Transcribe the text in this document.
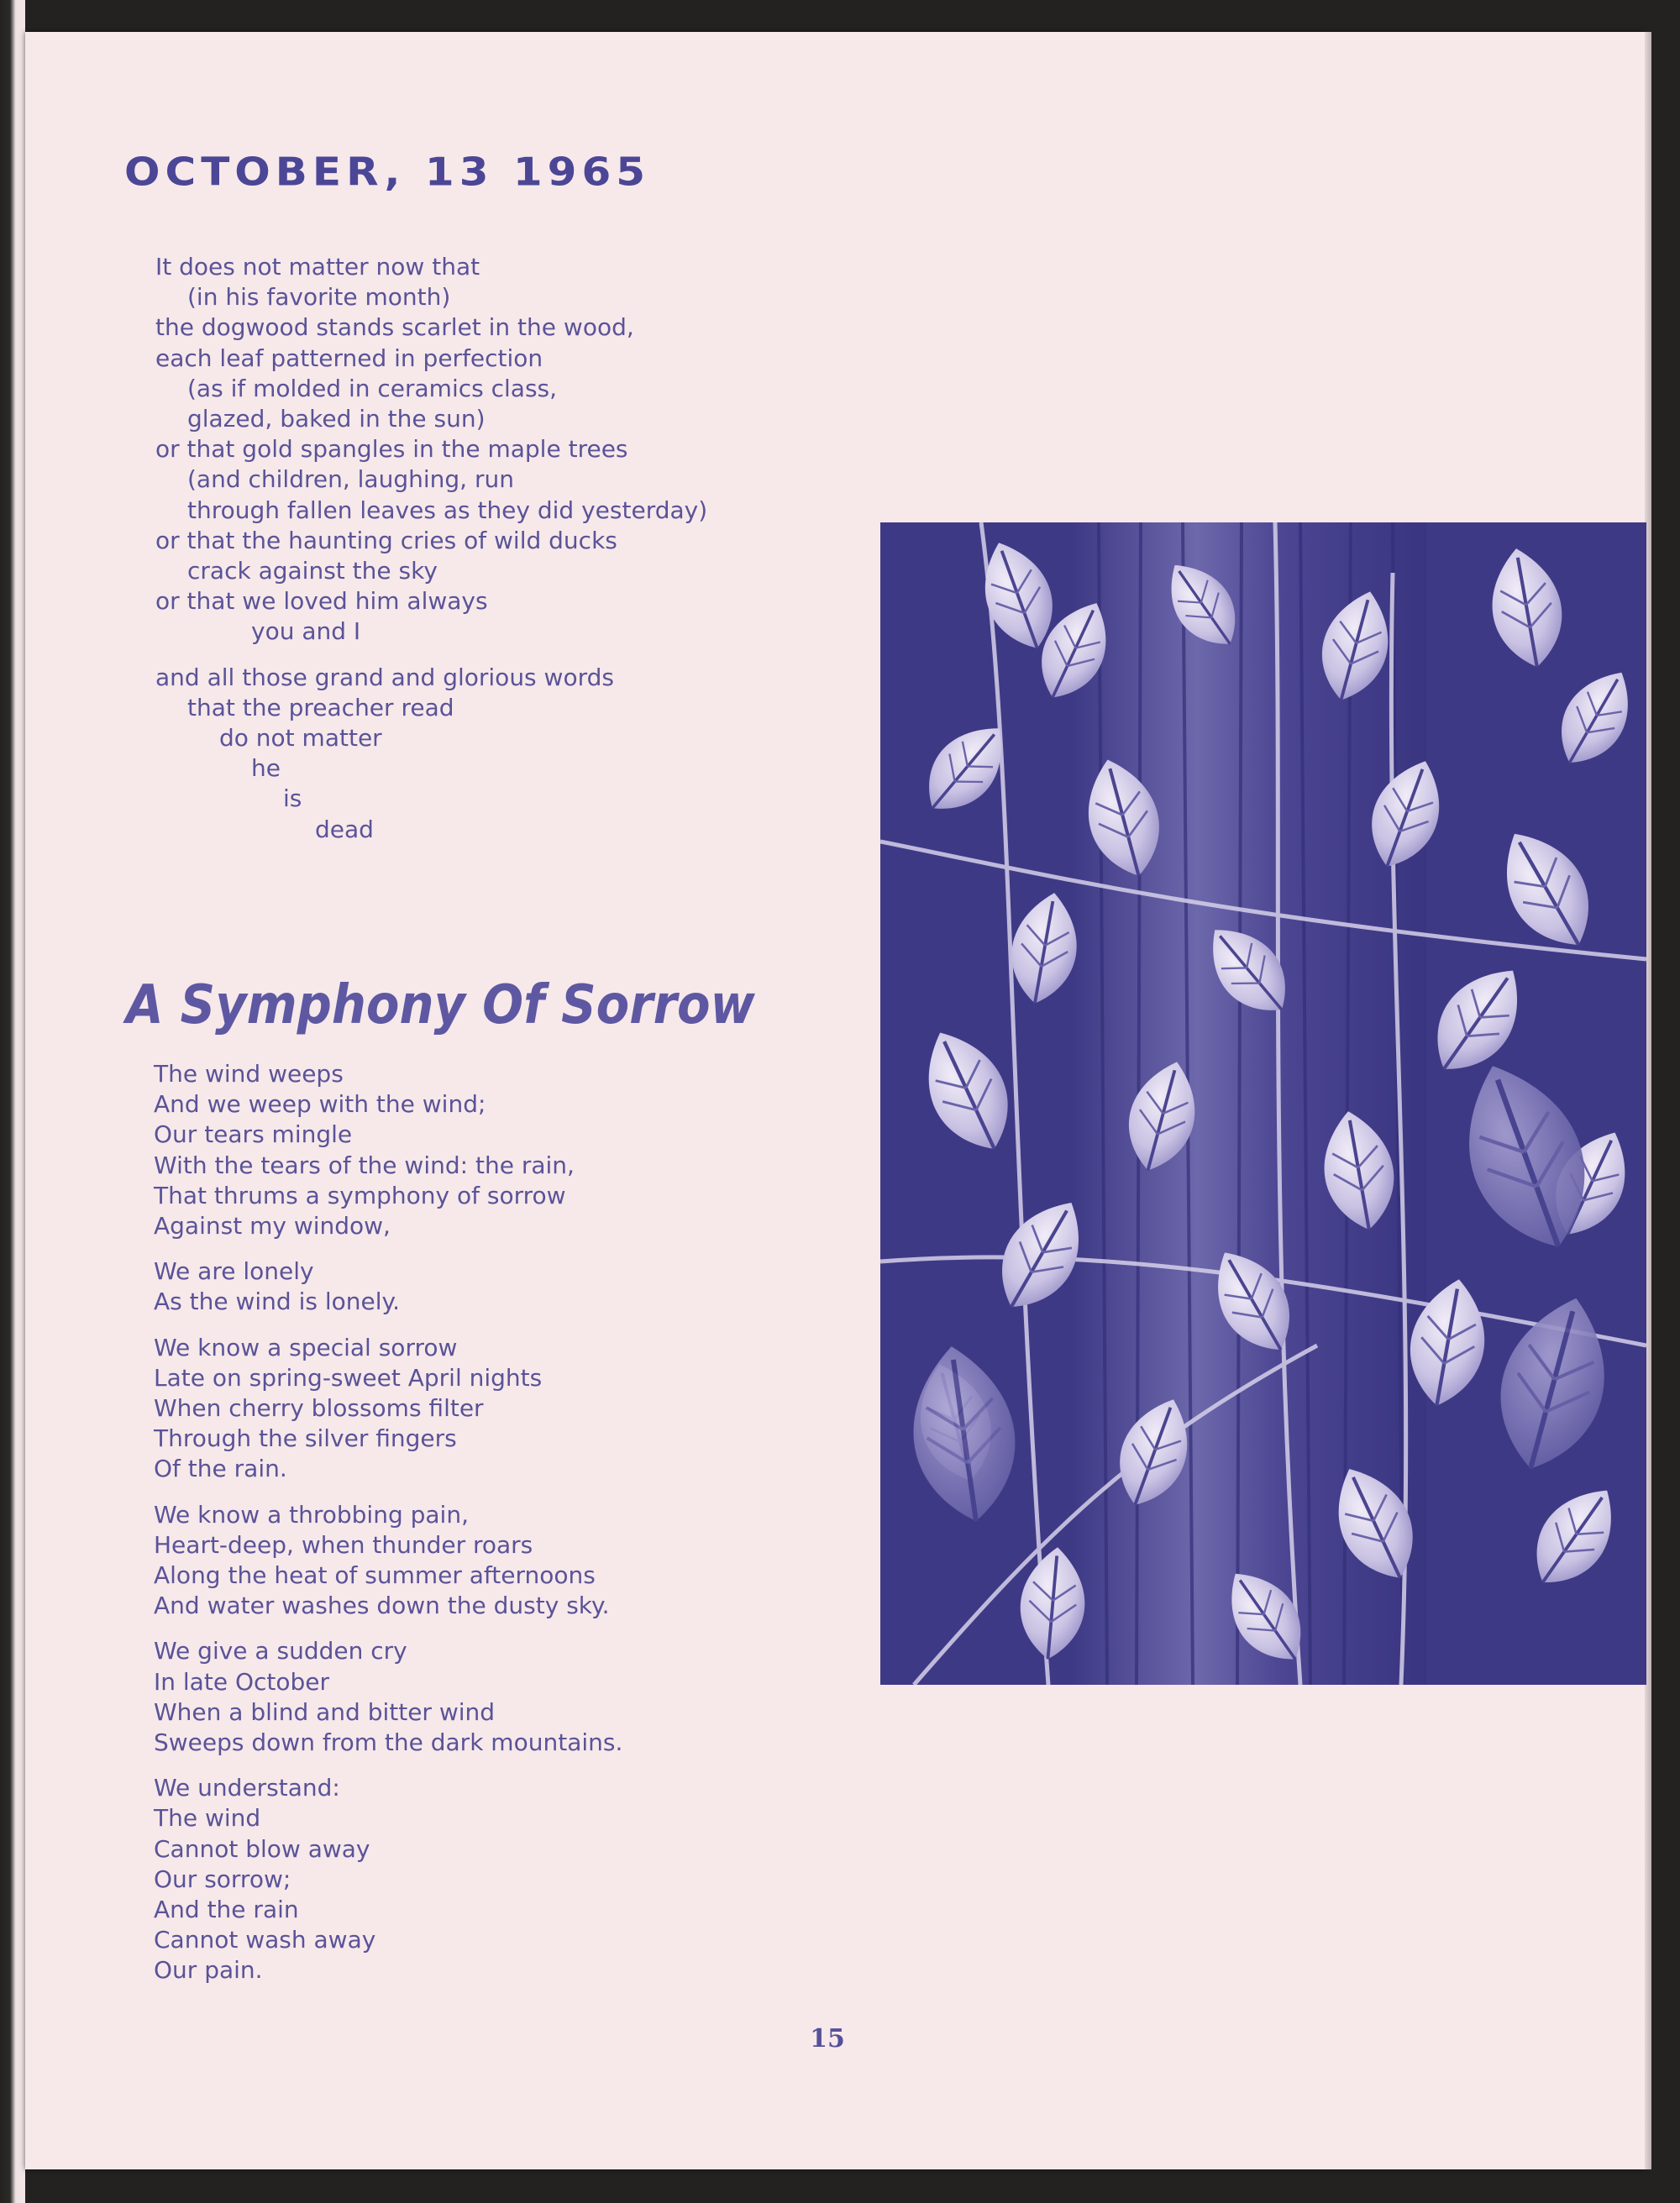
OCTOBER, 13 1965
It does not matter now that
(in his favorite month)
the dogwood stands scarlet in the wood,
each leaf patterned in perfection
(as if molded in ceramics class,
glazed, baked in the sun)
or that gold spangles in the maple trees
(and children, laughing, run
through fallen leaves as they did yesterday)
or that the haunting cries of wild ducks
crack against the sky
or that we loved him always
you and I
and all those grand and glorious words
that the preacher read
do not matter
he
is
dead
A Symphony Of Sorrow
The wind weeps
And we weep with the wind;
Our tears mingle
With the tears of the wind: the rain,
That thrums a symphony of sorrow
Against my window,
We are lonely
As the wind is lonely.
We know a special sorrow
Late on spring-sweet April nights
When cherry blossoms filter
Through the silver fingers
Of the rain.
We know a throbbing pain,
Heart-deep, when thunder roars
Along the heat of summer afternoons
And water washes down the dusty sky.
We give a sudden cry
In late October
When a blind and bitter wind
Sweeps down from the dark mountains.
We understand:
The wind
Cannot blow away
Our sorrow;
And the rain
Cannot wash away
Our pain.
15
